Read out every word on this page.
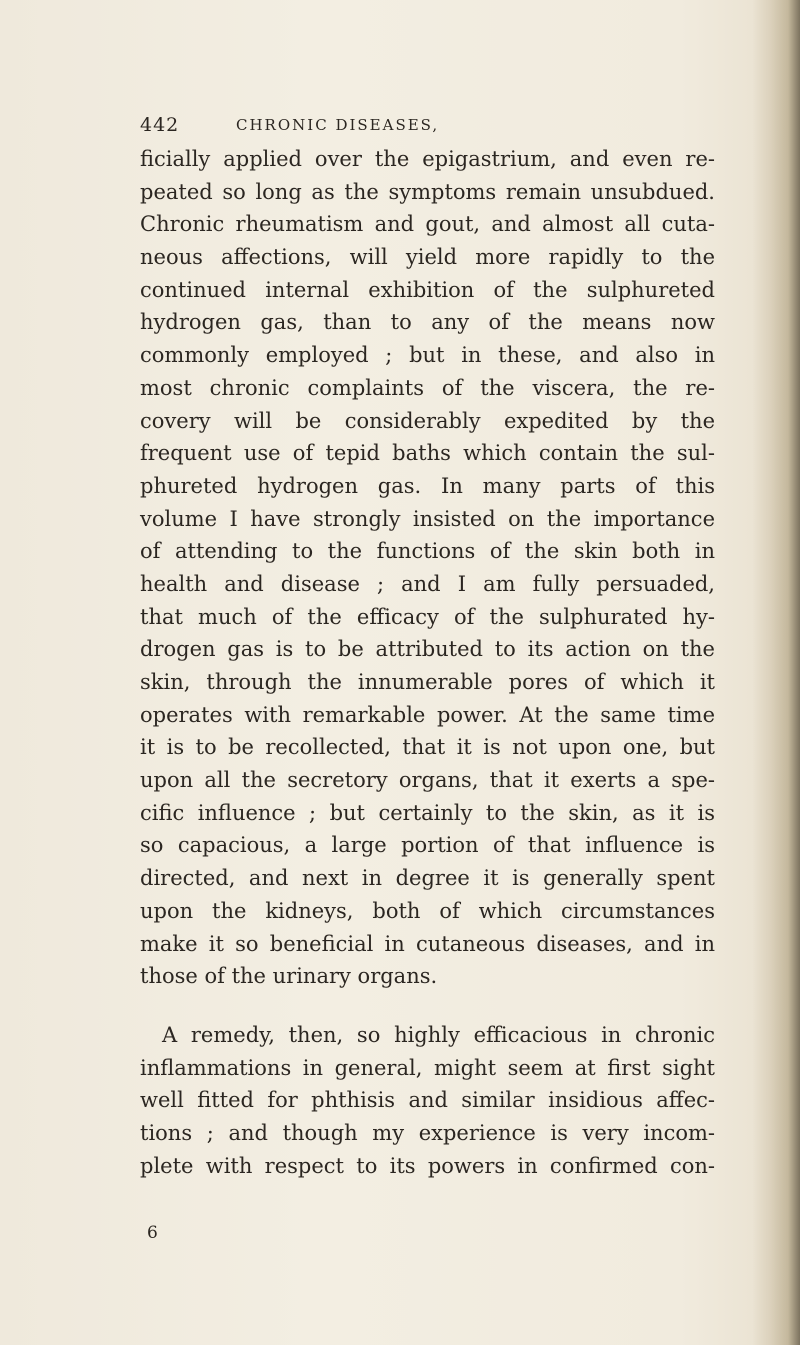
442	CHRONIC DISEASES,
ficially applied over the epigastrium, and even re-
peated so long as the symptoms remain unsubdued.
Chronic rheumatism and gout, and almost all cuta-
neous affections, will yield more rapidly to the
continued internal exhibition of the sulphureted
hydrogen gas, than to any of the means now
commonly employed ; but in these, and also in
most chronic complaints of the viscera, the re-
covery will be considerably expedited by the
frequent use of tepid baths which contain the sul-
phureted hydrogen gas. In many parts of this
volume I have strongly insisted on the importance
of attending to the functions of the skin both in
health and disease ; and I am fully persuaded,
that much of the efficacy of the sulphurated hy-
drogen gas is to be attributed to its action on the
skin, through the innumerable pores of which it
operates with remarkable power. At the same time
it is to be recollected, that it is not upon one, but
upon all the secretory organs, that it exerts a spe-
cific influence ; but certainly to the skin, as it is
so capacious, a large portion of that influence is
directed, and next in degree it is generally spent
upon the kidneys, both of which circumstances
make it so beneficial in cutaneous diseases, and in
those of the urinary organs.
A remedy, then, so highly efficacious in chronic
inflammations in general, might seem at first sight
well fitted for phthisis and similar insidious affec-
tions ; and though my experience is very incom-
plete with respect to its powers in confirmed con-
6
